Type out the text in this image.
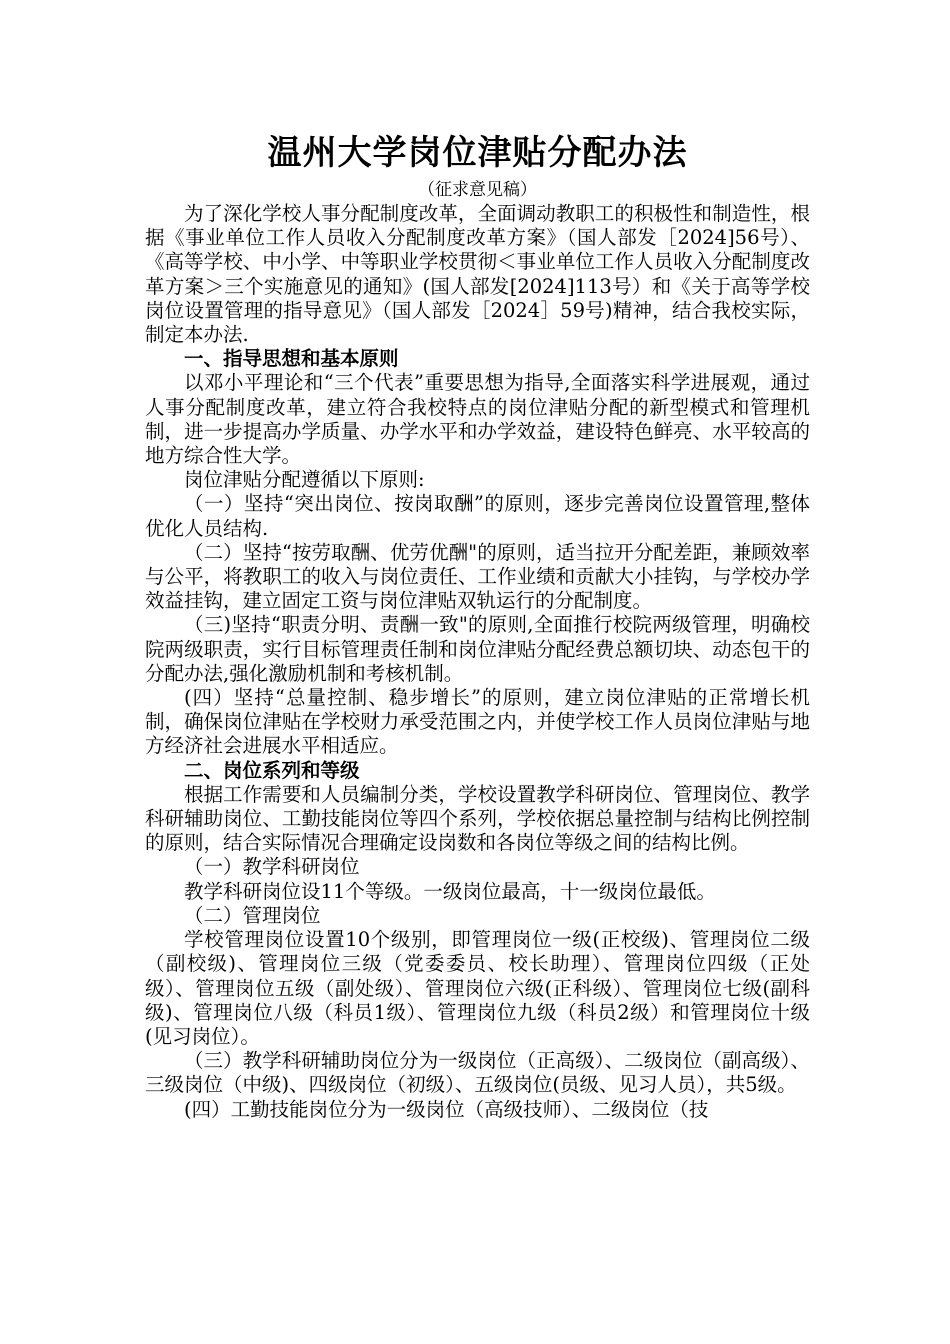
温州大学岗位津贴分配办法

（征求意见稿）

为了深化学校人事分配制度改革，全面调动教职工的积极性和制造性，根据《事业单位工作人员收入分配制度改革方案》（国人部发［2024]56号）、《高等学校、中小学、中等职业学校贯彻＜事业单位工作人员收入分配制度改革方案＞三个实施意见的通知》(国人部发[2024]113号）和《关于高等学校岗位设置管理的指导意见》（国人部发［2024］59号)精神，结合我校实际，制定本办法.

一、指导思想和基本原则

以邓小平理论和“三个代表”重要思想为指导,全面落实科学进展观，通过人事分配制度改革，建立符合我校特点的岗位津贴分配的新型模式和管理机制，进一步提高办学质量、办学水平和办学效益，建设特色鲜亮、水平较高的地方综合性大学。

岗位津贴分配遵循以下原则:

（一）坚持“突出岗位、按岗取酬”的原则，逐步完善岗位设置管理,整体优化人员结构.

（二）坚持“按劳取酬、优劳优酬"的原则，适当拉开分配差距，兼顾效率与公平，将教职工的收入与岗位责任、工作业绩和贡献大小挂钩，与学校办学效益挂钩，建立固定工资与岗位津贴双轨运行的分配制度。

（三)坚持“职责分明、责酬一致"的原则,全面推行校院两级管理，明确校院两级职责，实行目标管理责任制和岗位津贴分配经费总额切块、动态包干的分配办法,强化激励机制和考核机制。

(四）坚持“总量控制、稳步增长”的原则，建立岗位津贴的正常增长机制，确保岗位津贴在学校财力承受范围之内，并使学校工作人员岗位津贴与地方经济社会进展水平相适应。

二、岗位系列和等级

根据工作需要和人员编制分类，学校设置教学科研岗位、管理岗位、教学科研辅助岗位、工勤技能岗位等四个系列，学校依据总量控制与结构比例控制的原则，结合实际情况合理确定设岗数和各岗位等级之间的结构比例。

（一）教学科研岗位

教学科研岗位设11个等级。一级岗位最高，十一级岗位最低。

（二）管理岗位

学校管理岗位设置10个级别，即管理岗位一级(正校级)、管理岗位二级（副校级)、管理岗位三级（党委委员、校长助理）、管理岗位四级（正处级）、管理岗位五级（副处级）、管理岗位六级(正科级）、管理岗位七级(副科级)、管理岗位八级（科员1级）、管理岗位九级（科员2级）和管理岗位十级(见习岗位）。

（三）教学科研辅助岗位分为一级岗位（正高级）、二级岗位（副高级）、三级岗位（中级)、四级岗位（初级）、五级岗位(员级、见习人员），共5级。

(四）工勤技能岗位分为一级岗位（高级技师）、二级岗位（技
